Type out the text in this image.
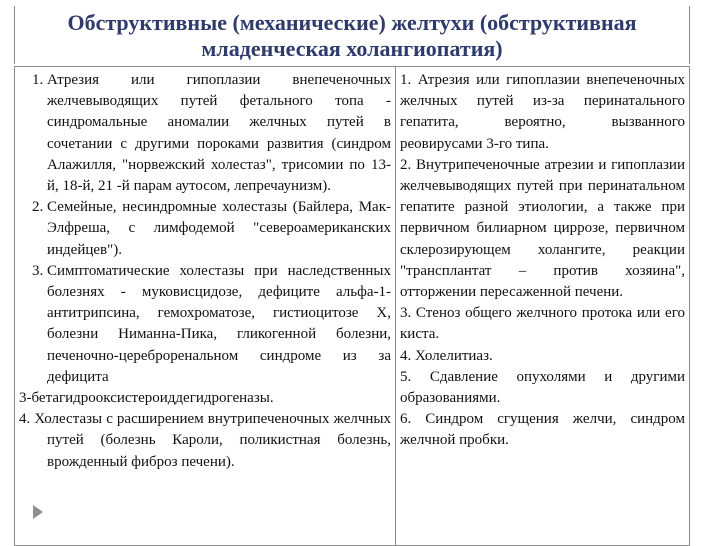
Обструктивные (механические) желтухи (обструктивная
младенческая холангиопатия)
1. Атрезия или гипоплазии внепеченочных желчевыводящих путей фетального топа - синдромальные аномалии желчных путей в сочетании с другими пороками развития (синдром Алажилля, "норвежский холестаз", трисомии по 13-й, 18-й, 21 -й парам аутосом, лепречаунизм).
2. Семейные, несиндромные холестазы (Байлера, Мак-Элфреша, с лимфодемой "североамериканских индейцев").
3. Симптоматические холестазы при наследственных болезнях - муковисцидозе, дефиците альфа-1-антитрипсина, гемохроматозе, гистиоцитозе X, болезни Ниманна-Пика, гликогенной болезни, печеночно-цереброренальном синдроме из за дефицита

3-бетагидрооксистероиддегидрогеназы.

4. Холестазы с расширением внутрипеченочных желчных путей (болезнь Кароли, поликистная болезнь, врожденный фиброз печени).

1. Атрезия или гипоплазии внепеченочных желчных путей из-за перинатального гепатита, вероятно, вызванного реовирусами 3-го типа.

2. Внутрипеченочные атрезии и гипоплазии желчевыводящих путей при перинатальном гепатите разной этиологии, а также при первичном билиарном циррозе, первичном склерозирующем холангите, реакции "трансплантат – против хозяина", отторжении пересаженной печени.

3. Стеноз общего желчного протока или его киста.

4. Холелитиаз.

5. Сдавление опухолями и другими образованиями.

6. Синдром сгущения желчи, синдром желчной пробки.
